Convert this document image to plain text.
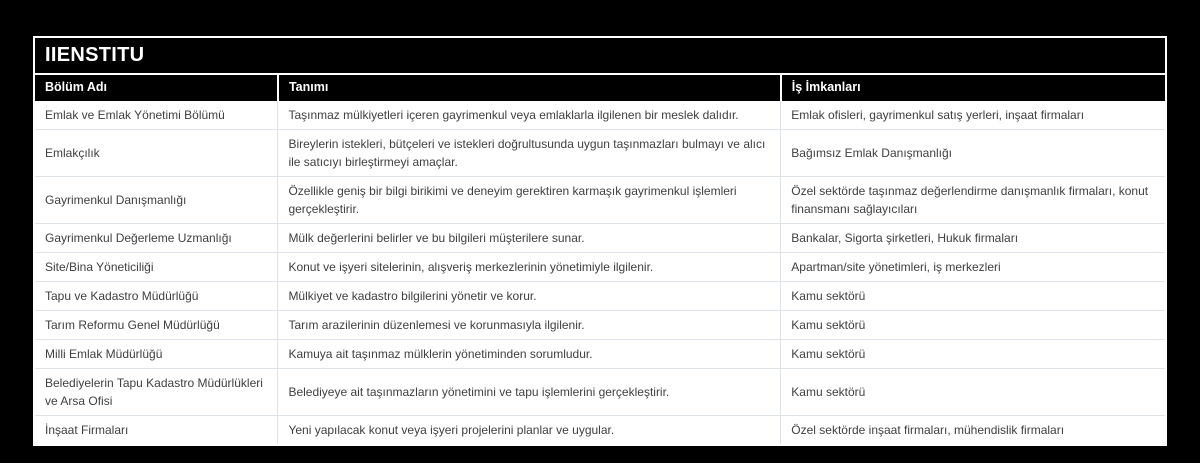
IIENSTITU
Bölüm Adı	Tanımı	İş İmkanları
Emlak ve Emlak Yönetimi Bölümü	Taşınmaz mülkiyetleri içeren gayrimenkul veya emlaklarla ilgilenen bir meslek dalıdır.	Emlak ofisleri, gayrimenkul satış yerleri, inşaat firmaları
Emlakçılık	Bireylerin istekleri, bütçeleri ve istekleri doğrultusunda uygun taşınmazları bulmayı ve alıcı ile satıcıyı birleştirmeyi amaçlar.	Bağımsız Emlak Danışmanlığı
Gayrimenkul Danışmanlığı	Özellikle geniş bir bilgi birikimi ve deneyim gerektiren karmaşık gayrimenkul işlemleri gerçekleştirir.	Özel sektörde taşınmaz değerlendirme danışmanlık firmaları, konut finansmanı sağlayıcıları
Gayrimenkul Değerleme Uzmanlığı	Mülk değerlerini belirler ve bu bilgileri müşterilere sunar.	Bankalar, Sigorta şirketleri, Hukuk firmaları
Site/Bina Yöneticiliği	Konut ve işyeri sitelerinin, alışveriş merkezlerinin yönetimiyle ilgilenir.	Apartman/site yönetimleri, iş merkezleri
Tapu ve Kadastro Müdürlüğü	Mülkiyet ve kadastro bilgilerini yönetir ve korur.	Kamu sektörü
Tarım Reformu Genel Müdürlüğü	Tarım arazilerinin düzenlemesi ve korunmasıyla ilgilenir.	Kamu sektörü
Milli Emlak Müdürlüğü	Kamuya ait taşınmaz mülklerin yönetiminden sorumludur.	Kamu sektörü
Belediyelerin Tapu Kadastro Müdürlükleri ve Arsa Ofisi	Belediyeye ait taşınmazların yönetimini ve tapu işlemlerini gerçekleştirir.	Kamu sektörü
İnşaat Firmaları	Yeni yapılacak konut veya işyeri projelerini planlar ve uygular.	Özel sektörde inşaat firmaları, mühendislik firmaları
